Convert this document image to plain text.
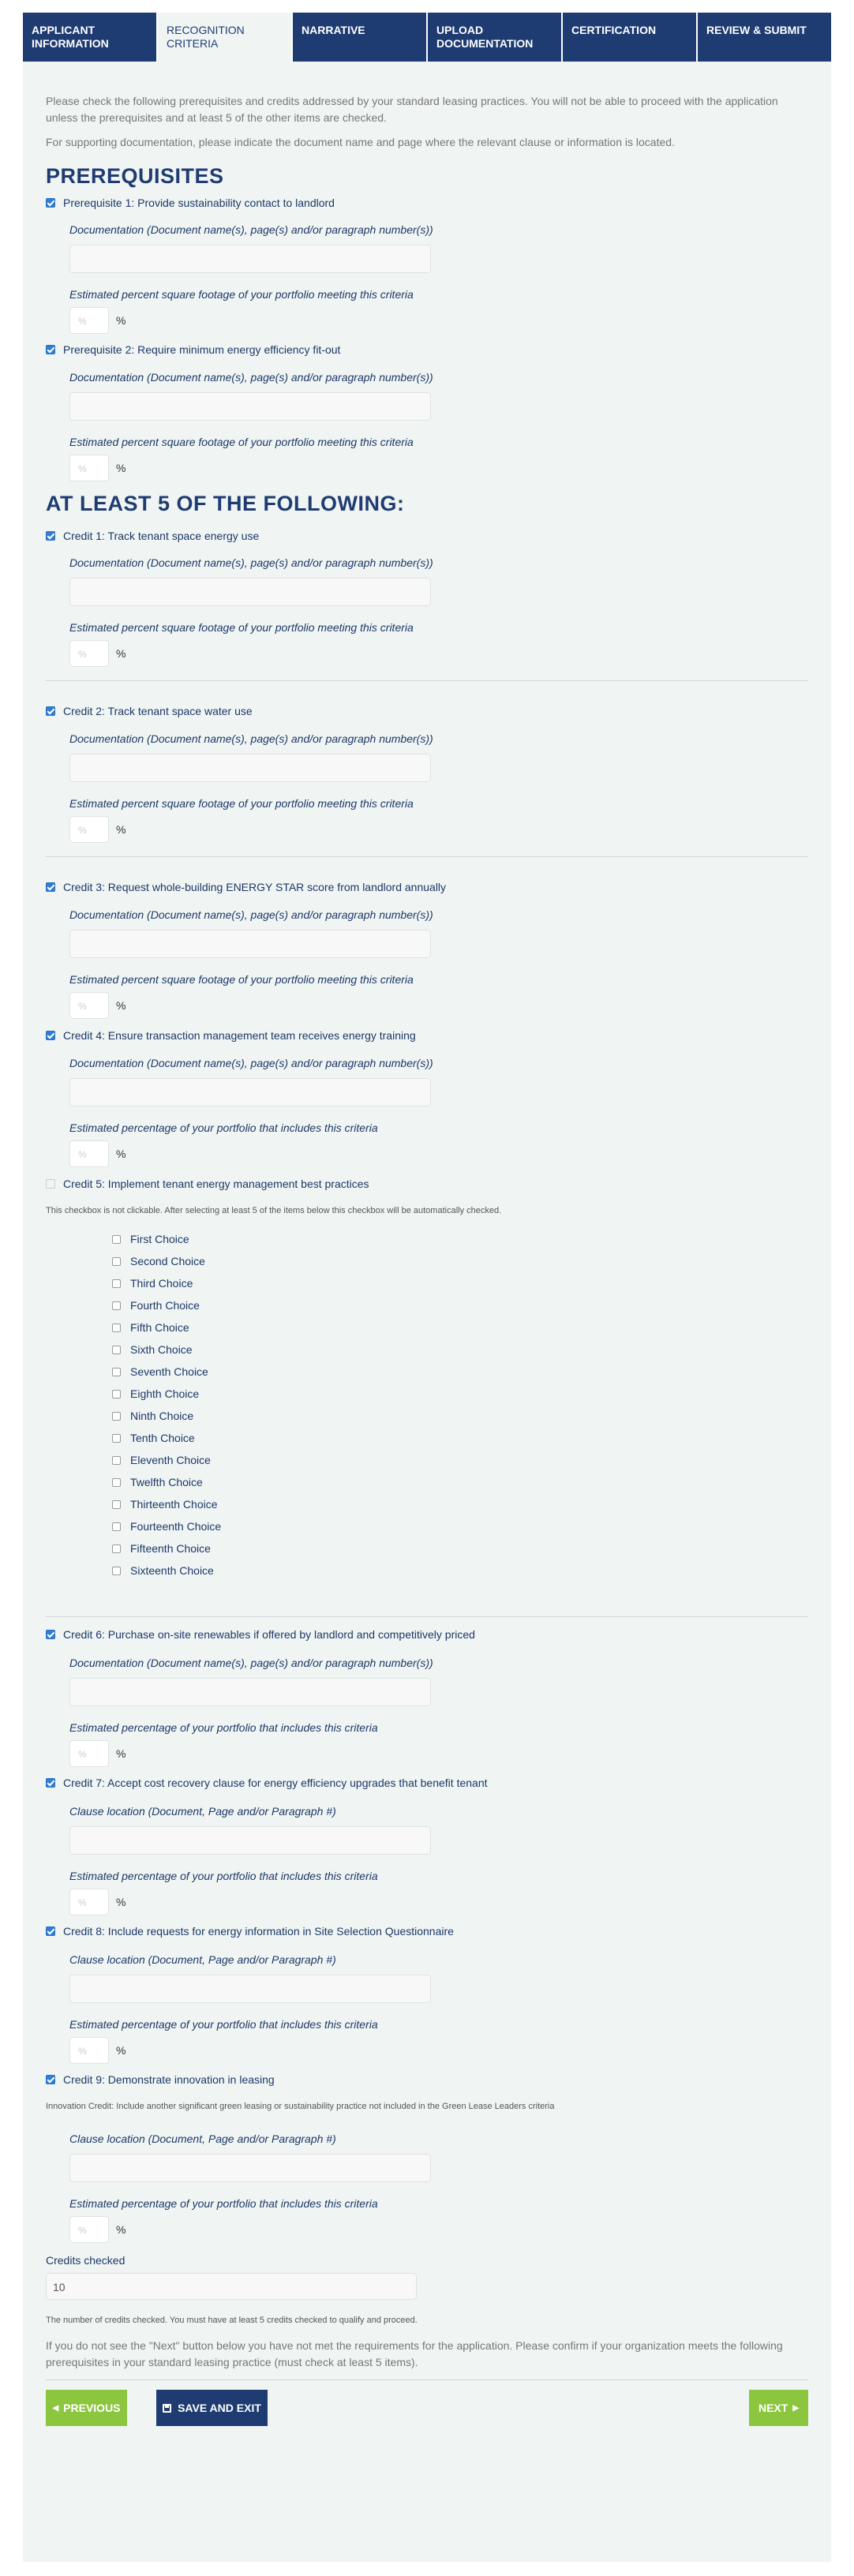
APPLICANT INFORMATION
RECOGNITION CRITERIA
NARRATIVE	UPLOAD DOCUMENTATION
CERTIFICATION	REVIEW & SUBMIT
Please check the following prerequisites and credits addressed by your standard leasing practices. You will not be able to proceed with the application unless the prerequisites and at least 5 of the other items are checked.
For supporting documentation, please indicate the document name and page where the relevant clause or information is located.
PREREQUISITES
Prerequisite 1: Provide sustainability contact to landlord
Documentation (Document name(s), page(s) and/or paragraph number(s))
Estimated percent square footage of your portfolio meeting this criteria
%	%
Prerequisite 2: Require minimum energy efficiency fit-out
Documentation (Document name(s), page(s) and/or paragraph number(s))
Estimated percent square footage of your portfolio meeting this criteria
%	%
AT LEAST 5 OF THE FOLLOWING:
Credit 1: Track tenant space energy use
Documentation (Document name(s), page(s) and/or paragraph number(s))
Estimated percent square footage of your portfolio meeting this criteria
%	%
Credit 2: Track tenant space water use
Documentation (Document name(s), page(s) and/or paragraph number(s))
Estimated percent square footage of your portfolio meeting this criteria
%	%
Credit 3: Request whole-building ENERGY STAR score from landlord annually
Documentation (Document name(s), page(s) and/or paragraph number(s))
Estimated percent square footage of your portfolio meeting this criteria
%	%
Credit 4: Ensure transaction management team receives energy training
Documentation (Document name(s), page(s) and/or paragraph number(s))
Estimated percentage of your portfolio that includes this criteria
%	%
Credit 5: Implement tenant energy management best practices
This checkbox is not clickable. After selecting at least 5 of the items below this checkbox will be automatically checked.
First Choice
Second Choice
Third Choice
Fourth Choice
Fifth Choice
Sixth Choice
Seventh Choice
Eighth Choice
Ninth Choice
Tenth Choice
Eleventh Choice
Twelfth Choice
Thirteenth Choice
Fourteenth Choice
Fifteenth Choice
Sixteenth Choice
Credit 6: Purchase on-site renewables if offered by landlord and competitively priced
Documentation (Document name(s), page(s) and/or paragraph number(s))
Estimated percentage of your portfolio that includes this criteria
%	%
Credit 7: Accept cost recovery clause for energy efficiency upgrades that benefit tenant
Clause location (Document, Page and/or Paragraph #)
Estimated percentage of your portfolio that includes this criteria
%	%
Credit 8: Include requests for energy information in Site Selection Questionnaire
Clause location (Document, Page and/or Paragraph #)
Estimated percentage of your portfolio that includes this criteria
%	%
Credit 9: Demonstrate innovation in leasing
Innovation Credit: Include another significant green leasing or sustainability practice not included in the Green Lease Leaders criteria
Clause location (Document, Page and/or Paragraph #)
Estimated percentage of your portfolio that includes this criteria
%	%
Credits checked
10
The number of credits checked. You must have at least 5 credits checked to qualify and proceed.
If you do not see the "Next" button below you have not met the requirements for the application. Please confirm if your organization meets the following prerequisites in your standard leasing practice (must check at least 5 items).
◀ PREVIOUS	SAVE AND EXIT	NEXT ▶
